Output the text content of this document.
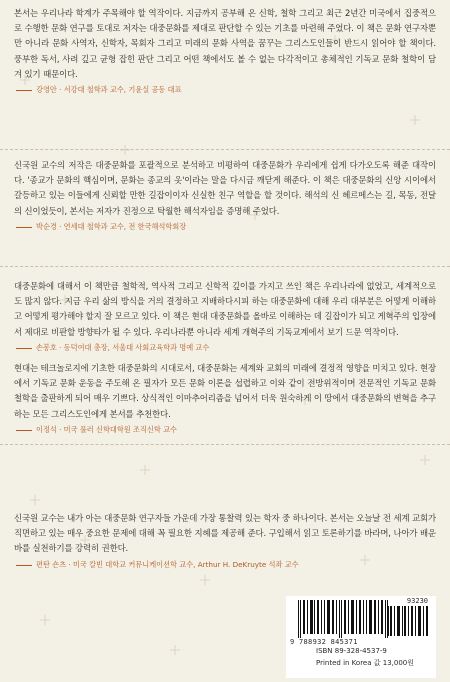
본서는 우리나라 학계가 주목해야 할 역작이다. 지금까지 공부해 온 신학, 철학 그리고 최근 2년간 미국에서 집중적으로 수행한 문화 연구를 토대로 저자는 대중문화를 제대로 판단할 수 있는 기초를 마련해 주었다. 이 책은 문화 연구자뿐만 아니라 문화 사역자, 신학자, 목회자 그리고 미래의 문화 사역을 꿈꾸는 그리스도인들이 반드시 읽어야 할 책이다. 풍부한 독서, 사려 깊고 균형 잡힌 판단 그리고 어떤 책에서도 볼 수 없는 다각적이고 총체적인 기독교 문화 철학이 담겨 있기 때문이다.

강영안 · 서강대 철학과 교수, 기윤실 공동 대표

신국원 교수의 저작은 대중문화를 포괄적으로 분석하고 비평하여 대중문화가 우리에게 쉽게 다가오도록 해준 대작이다. '종교가 문화의 핵심이며, 문화는 종교의 옷'이라는 말을 다시금 깨닫게 해준다. 이 책은 대중문화의 신앙 시이에서 갈등하고 있는 이들에게 신뢰할 만한 길잡이이자 신실한 친구 역할을 할 것이다. 해석의 신 헤르메스는 길, 목동, 전달의 신이었듯이, 본서는 저자가 진정으로 탁월한 해석자임을 증명해 주었다.

박순경 · 연세대 철학과 교수, 전 한국해석학회장

대중문화에 대해서 이 책만큼 철학적, 역사적 그리고 신학적 깊이를 가지고 쓰인 책은 우리나라에 없었고, 세계적으로도 많지 않다. 지금 우리 삶의 방식을 거의 결정하고 지배하다시피 하는 대중문화에 대해 우리 대부분은 어떻게 이해하고 어떻게 평가해야 할지 잘 모르고 있다. 이 책은 현대 대중문화를 올바로 이해하는 데 길잡이가 되고 게혁주의 입장에서 제대로 비판할 방향타가 될 수 있다. 우리나라뿐 아니라 세계 개혁주의 기독교계에서 보기 드문 역작이다.

손봉호 · 동덕여대 총장, 서울대 사회교육학과 명예 교수

현대는 테크놀로지에 기초한 대중문화의 시대로서, 대중문화는 세계와 교회의 미래에 결정적 영향을 미치고 있다. 현장에서 기독교 문화 운동을 주도해 온 필자가 모든 문화 이론을 섭렵하고 이와 같이 전방위적이며 전문적인 기독교 문화 철학을 출판하게 되어 매우 기쁘다. 상식적인 이마추어리즘을 넘어서 더욱 원숙하게 이 땅에서 대중문화의 변혁을 추구하는 모든 그리스도인에게 본서를 추천한다.

이정석 · 미국 풀러 신학대학원 조직신학 교수

신국원 교수는 내가 아는 대중문화 연구자들 가운데 가장 통찰력 있는 학자 중 하나이다. 본서는 오늘날 전 세계 교회가 직면하고 있는 매우 중요한 문제에 대해 꼭 필요한 지혜를 제공해 준다. 구입해서 읽고 토론하기를 바라며, 나아가 배운 바를 실천하기를 강력히 권한다.

편탄 숀츠 · 미국 칼빈 대학교 커뮤니케이션학 교수, Arthur H. DeKruyte 석좌 교수
93230
9 788932 845371
ISBN 89-328-4537-9
Printed in Korea 값 13,000원
